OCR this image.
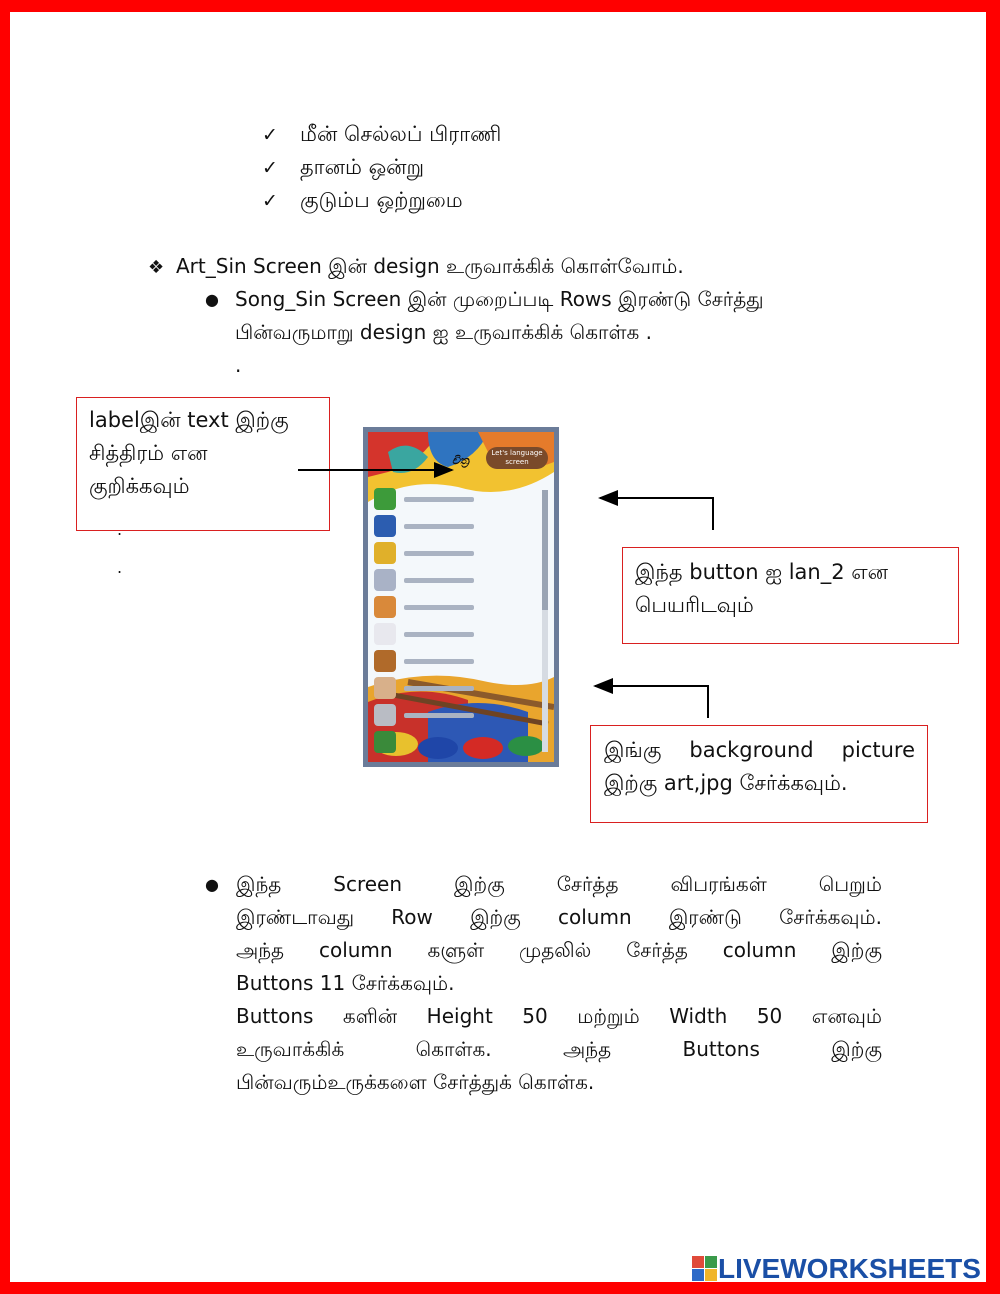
✓ மீன் செல்லப் பிராணி
✓ தானம் ஒன்று
✓ குடும்ப ஒற்றுமை
❖ Art_Sin Screen இன் design உருவாக்கிக் கொள்வோம்.
● Song_Sin Screen இன் முறைப்படி Rows இரண்டு சேர்த்து
பின்வருமாறு design ஐ உருவாக்கிக் கொள்க .
.
labelஇன் text இற்கு
சித்திரம் என
குறிக்கவும்
.
.
Let's language screen
චිත්‍ර
இந்த button ஐ lan_2 என
பெயரிடவும்
இங்கு background picture
இற்கு art,jpg சேர்க்கவும்.
● இந்த Screen இற்கு சேர்த்த விபரங்கள் பெறும்
இரண்டாவது Row இற்கு column இரண்டு சேர்க்கவும்.
அந்த column களுள் முதலில் சேர்த்த column இற்கு
Buttons 11 சேர்க்கவும்.
Buttons களின் Height 50 மற்றும் Width 50 எனவும்
உருவாக்கிக் கொள்க. அந்த Buttons இற்கு
பின்வரும்உருக்களை சேர்த்துக் கொள்க.
LIVEWORKSHEETS
